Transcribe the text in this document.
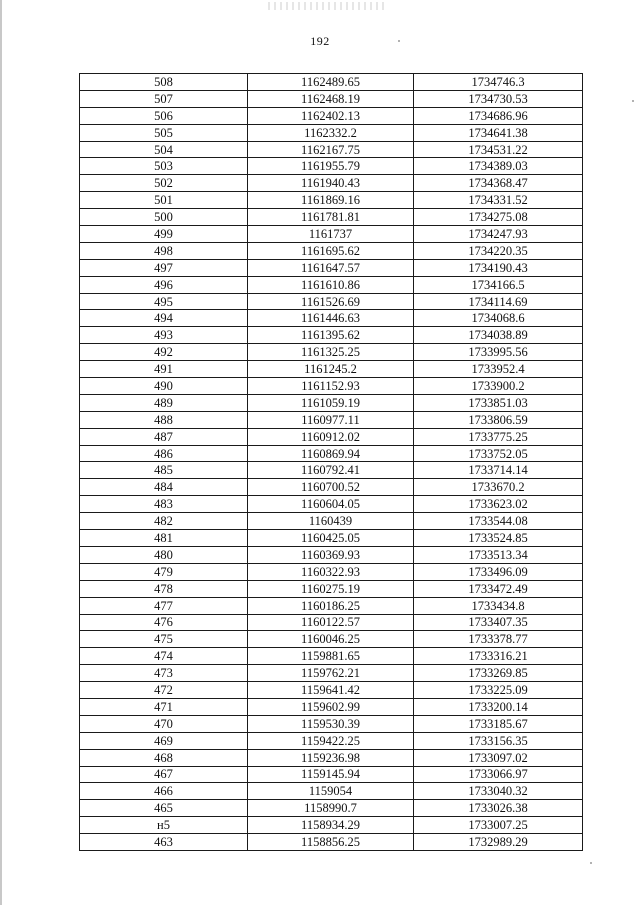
192
508	1162489.65	1734746.3
507	1162468.19	1734730.53
506	1162402.13	1734686.96
505	1162332.2	1734641.38
504	1162167.75	1734531.22
503	1161955.79	1734389.03
502	1161940.43	1734368.47
501	1161869.16	1734331.52
500	1161781.81	1734275.08
499	1161737	1734247.93
498	1161695.62	1734220.35
497	1161647.57	1734190.43
496	1161610.86	1734166.5
495	1161526.69	1734114.69
494	1161446.63	1734068.6
493	1161395.62	1734038.89
492	1161325.25	1733995.56
491	1161245.2	1733952.4
490	1161152.93	1733900.2
489	1161059.19	1733851.03
488	1160977.11	1733806.59
487	1160912.02	1733775.25
486	1160869.94	1733752.05
485	1160792.41	1733714.14
484	1160700.52	1733670.2
483	1160604.05	1733623.02
482	1160439	1733544.08
481	1160425.05	1733524.85
480	1160369.93	1733513.34
479	1160322.93	1733496.09
478	1160275.19	1733472.49
477	1160186.25	1733434.8
476	1160122.57	1733407.35
475	1160046.25	1733378.77
474	1159881.65	1733316.21
473	1159762.21	1733269.85
472	1159641.42	1733225.09
471	1159602.99	1733200.14
470	1159530.39	1733185.67
469	1159422.25	1733156.35
468	1159236.98	1733097.02
467	1159145.94	1733066.97
466	1159054	1733040.32
465	1158990.7	1733026.38
н5	1158934.29	1733007.25
463	1158856.25	1732989.29
